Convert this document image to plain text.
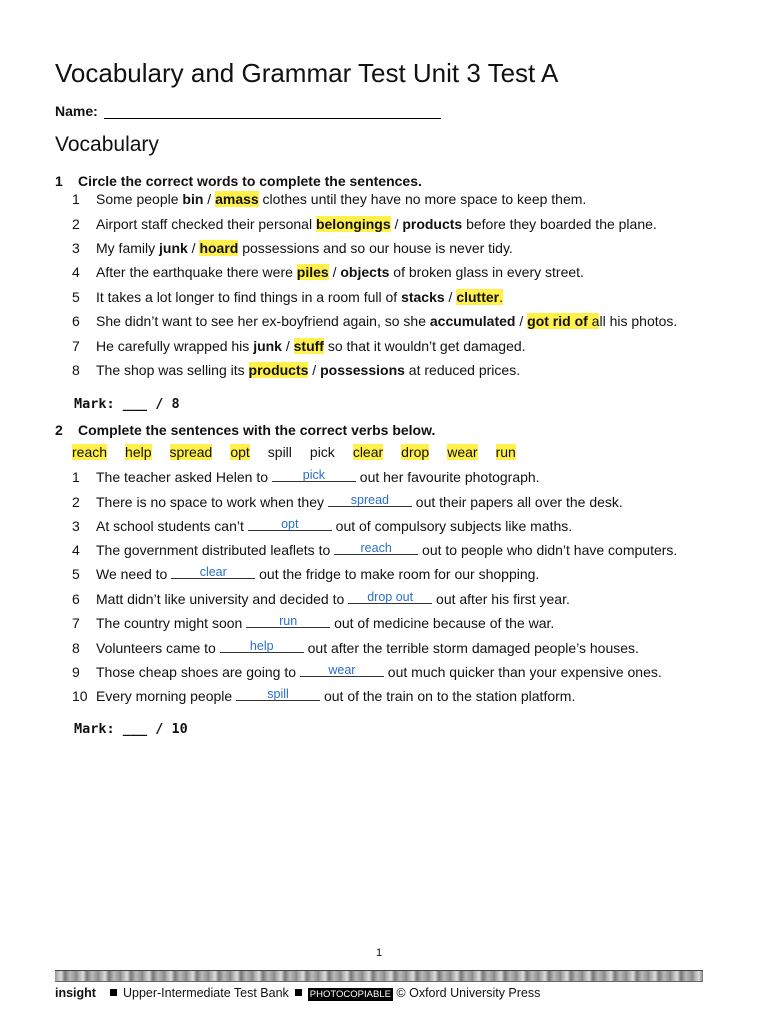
Vocabulary and Grammar Test Unit 3 Test A
Name:
Vocabulary
1 Circle the correct words to complete the sentences.
1 Some people bin / amass clothes until they have no more space to keep them.
2 Airport staff checked their personal belongings / products before they boarded the plane.
3 My family junk / hoard possessions and so our house is never tidy.
4 After the earthquake there were piles / objects of broken glass in every street.
5 It takes a lot longer to find things in a room full of stacks / clutter.
6 She didn’t want to see her ex-boyfriend again, so she accumulated / got rid of all his photos.
7 He carefully wrapped his junk / stuff so that it wouldn’t get damaged.
8 The shop was selling its products / possessions at reduced prices.
Mark: ___ / 8
2 Complete the sentences with the correct verbs below.
reach help spread opt spill pick clear drop wear run
1 The teacher asked Helen to pick out her favourite photograph.
2 There is no space to work when they spread out their papers all over the desk.
3 At school students can’t	opt out of compulsory subjects like maths.
4 The government distributed leaflets to reach out to people who didn’t have computers.
5 We need to clear out the fridge to make room for our shopping.
6 Matt didn’t like university and decided to drop out out after his first year.
7 The country might soon	run out of medicine because of the war.
8 Volunteers came to help out after the terrible storm damaged people’s houses.
9 Those cheap shoes are going to wear out much quicker than your expensive ones.
10 Every morning people spill out of the train on to the station platform.
Mark: ___ / 10
1
insight Upper-Intermediate Test Bank PHOTOCOPIABLE © Oxford University Press
